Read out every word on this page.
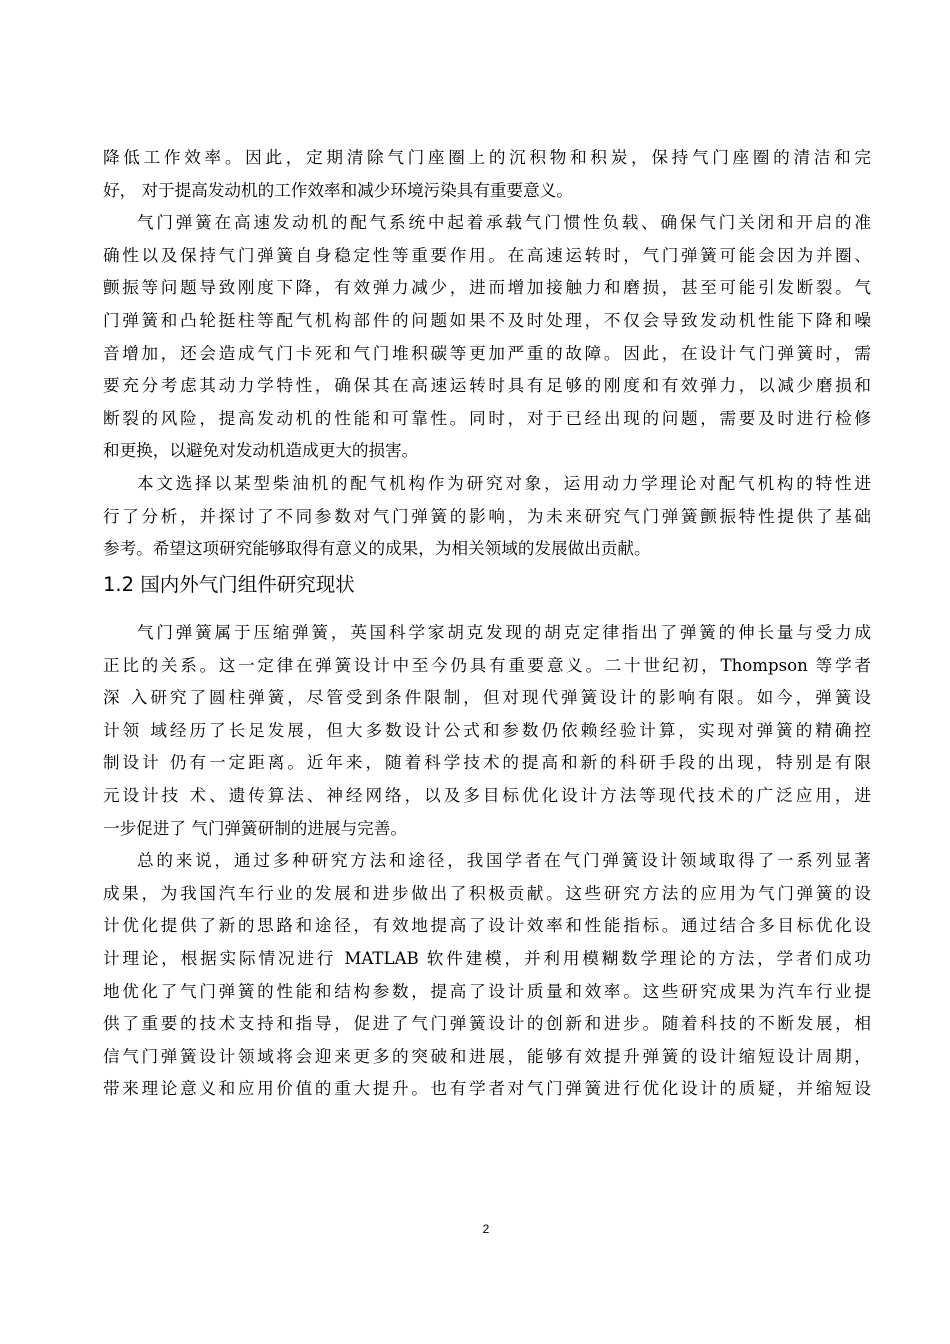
降低工作效率。因此，定期清除气门座圈上的沉积物和积炭，保持气门座圈的清洁和完
好， 对于提高发动机的工作效率和减少环境污染具有重要意义。
气门弹簧在高速发动机的配气系统中起着承载气门惯性负载、确保气门关闭和开启的准
确性以及保持气门弹簧自身稳定性等重要作用。在高速运转时，气门弹簧可能会因为并圈、
颤振等问题导致刚度下降，有效弹力减少，进而增加接触力和磨损，甚至可能引发断裂。气
门弹簧和凸轮挺柱等配气机构部件的问题如果不及时处理，不仅会导致发动机性能下降和噪
音增加，还会造成气门卡死和气门堆积碳等更加严重的故障。因此，在设计气门弹簧时，需
要充分考虑其动力学特性，确保其在高速运转时具有足够的刚度和有效弹力，以减少磨损和
断裂的风险，提高发动机的性能和可靠性。同时，对于已经出现的问题，需要及时进行检修
和更换，以避免对发动机造成更大的损害。
本文选择以某型柴油机的配气机构作为研究对象，运用动力学理论对配气机构的特性进
行了分析，并探讨了不同参数对气门弹簧的影响，为未来研究气门弹簧颤振特性提供了基础
参考。希望这项研究能够取得有意义的成果，为相关领域的发展做出贡献。
1.2 国内外气门组件研究现状
气门弹簧属于压缩弹簧，英国科学家胡克发现的胡克定律指出了弹簧的伸长量与受力成
正比的关系。这一定律在弹簧设计中至今仍具有重要意义。二十世纪初，Thompson 等学者
深 入研究了圆柱弹簧，尽管受到条件限制，但对现代弹簧设计的影响有限。如今，弹簧设
计领 域经历了长足发展，但大多数设计公式和参数仍依赖经验计算，实现对弹簧的精确控
制设计 仍有一定距离。近年来，随着科学技术的提高和新的科研手段的出现，特别是有限
元设计技 术、遗传算法、神经网络，以及多目标优化设计方法等现代技术的广泛应用，进
一步促进了 气门弹簧研制的进展与完善。
总的来说，通过多种研究方法和途径，我国学者在气门弹簧设计领域取得了一系列显著
成果，为我国汽车行业的发展和进步做出了积极贡献。这些研究方法的应用为气门弹簧的设
计优化提供了新的思路和途径，有效地提高了设计效率和性能指标。通过结合多目标优化设
计理论，根据实际情况进行 MATLAB 软件建模，并利用模糊数学理论的方法，学者们成功
地优化了气门弹簧的性能和结构参数，提高了设计质量和效率。这些研究成果为汽车行业提
供了重要的技术支持和指导，促进了气门弹簧设计的创新和进步。随着科技的不断发展，相
信气门弹簧设计领域将会迎来更多的突破和进展，能够有效提升弹簧的设计缩短设计周期，
带来理论意义和应用价值的重大提升。也有学者对气门弹簧进行优化设计的质疑，并缩短设
2
